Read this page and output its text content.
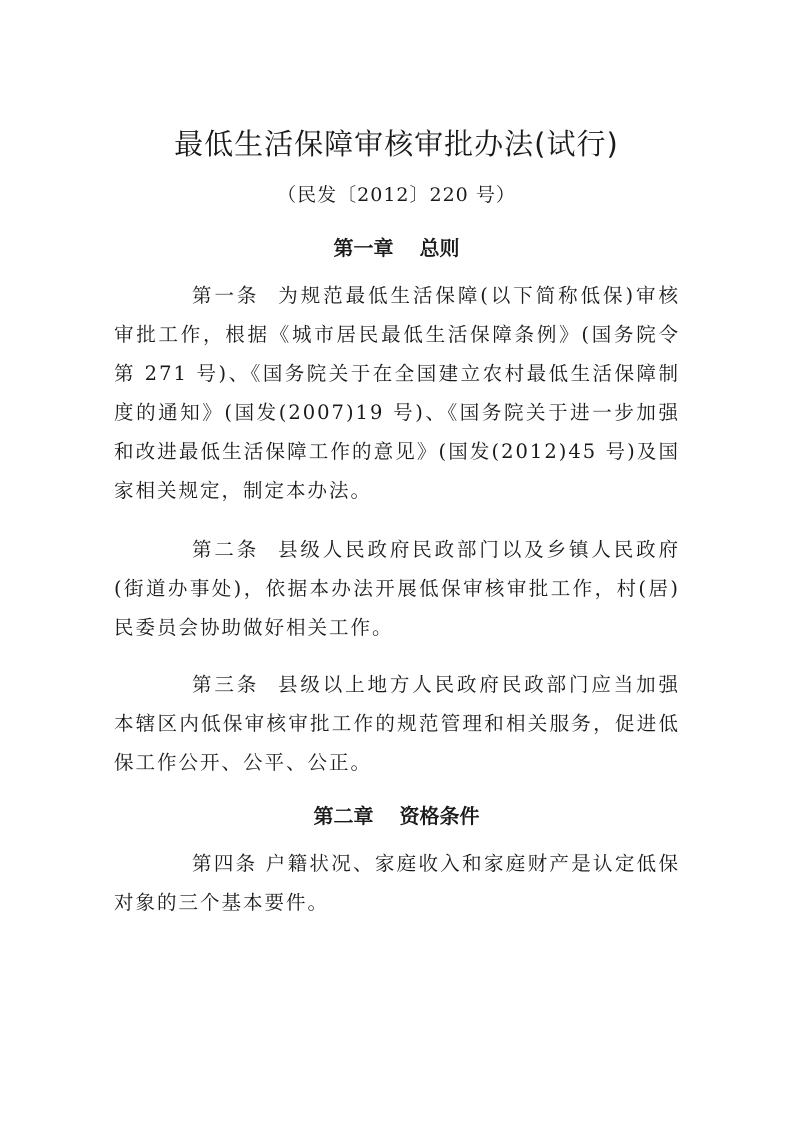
最低生活保障审核审批办法(试行)

（民发〔2012〕220 号）

第一章 总则

第一条 为规范最低生活保障(以下简称低保)审核审批工作，根据《城市居民最低生活保障条例》(国务院令第 271 号)、《国务院关于在全国建立农村最低生活保障制度的通知》(国发(2007)19 号)、《国务院关于进一步加强和改进最低生活保障工作的意见》(国发(2012)45 号)及国家相关规定，制定本办法。

第二条 县级人民政府民政部门以及乡镇人民政府(街道办事处)，依据本办法开展低保审核审批工作，村(居)民委员会协助做好相关工作。

第三条 县级以上地方人民政府民政部门应当加强本辖区内低保审核审批工作的规范管理和相关服务，促进低保工作公开、公平、公正。

第二章 资格条件

第四条 户籍状况、家庭收入和家庭财产是认定低保对象的三个基本要件。
